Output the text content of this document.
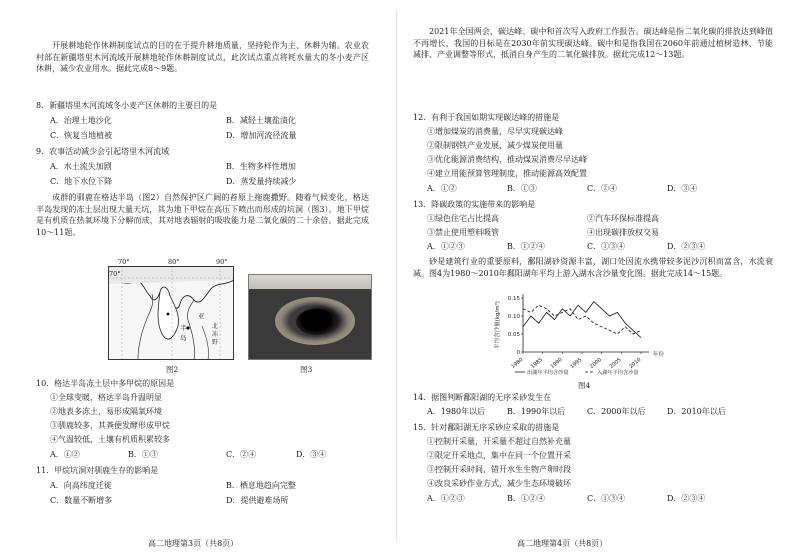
开展耕地轮作休耕制度试点的目的在于提升耕地质量，坚持轮作为主、休耕为辅。农业农村部在新疆塔里木河流域开展耕地轮作休耕制度试点，此次试点重点将耗水量大的冬小麦产区休耕，减少农业用水。据此完成8～9题。
8．新疆塔里木河流域冬小麦产区休耕的主要目的是
A．治理土地沙化	B．减轻土壤盐渍化
C．恢复当地植被	D．增加河流径流量
9．农事活动减少会引起塔里木河流域
A．水土流失加剧	B．生物多样性增加
C．地下水位下降	D．蒸发量持续减少
成群的驯鹿在格达半岛（图2）自然保护区广阔的苔原上拖鹿撒野。随着气候变化，格达半岛发现的冻土层出现大量天坑，其为地下甲烷在高压下喷出而形成的坑洞（图3）。地下甲烷是有机质在热氧环境下分解而成，其对地表辐射的吸收能力是二氧化碳的二十余倍。据此完成10～11题。
70°	80°	90°
70°
半
岛
亚
北
冻
野
图2	图3
10．格达半岛冻土层中多甲烷的原因是
①全球变暖，格达半岛升温明显
②地表多冻土，易形成隔氧环境
③驯鹿较多，其粪便发酵形成甲烷
④气温较低，土壤有机质积累较多
A．①②	B．①③	C．②④	D．③④
11．甲烷坑洞对驯鹿生存的影响是
A．向高纬度迁徙	B．栖息地趋向完整
C．数量不断增多	D．提供避难场所
高二地理第3页（共8页）
2021年全国两会，碳达峰、碳中和首次写入政府工作报告。碳达峰是指二氧化碳的排放达到峰值不再增长，我国的目标是在2030年前实现碳达峰。碳中和是指我国在2060年前通过植树造林、节能减排、产业调整等形式，抵消自身产生的二氧化碳排放。据此完成12～13题。
12．有利于我国如期实现碳达峰的措施是
①增加煤炭的消费量，尽早实现碳达峰
②限制钢铁产业发展，减少煤炭使用量
③优化能源消费结构，推动煤炭消费尽早达峰
④建立用能预算管理制度，推动能源高效配置
A．①②	B．①③	C．②④	D．③④
13．降碳政策的实施带来的影响是
①绿色住宅占比提高	②汽车环保标准提高
③禁止使用塑料吸管	④出现碳排放权交易
A．①②③	B．①②④	C．①③④	D．②③④
砂是建筑行业的重要原料，鄱阳湖砂资源丰富，湖口处因流水携带较多泥沙沉积而富含，水流衰减。图4为1980～2010年鄱阳湖年平均上游入湖水含沙量变化图。据此完成14～15题。
0.15
0.10
0.05
0
1980 1985 1990 1995 2000 2005 2010
平均含沙量(kg/m³)
年份
出湖年平均含沙量	入湖年平均含沙量
图4
14．据图判断鄱阳湖的无序采砂发生在
A．1980年以后	B．1990年以后	C．2000年以后	D．2010年以后
15．针对鄱阳湖无序采砂应采取的措施是
①控制开采量，开采量不超过自然补充量
②限定开采地点，集中在同一个位置开采
③控制开采时间，错开水生生物产卵时段
④改良采砂作业方式，减少生态环境破坏
A．①②③	B．①②④	C．①③④	D．②③④
高二地理第4页（共8页）
